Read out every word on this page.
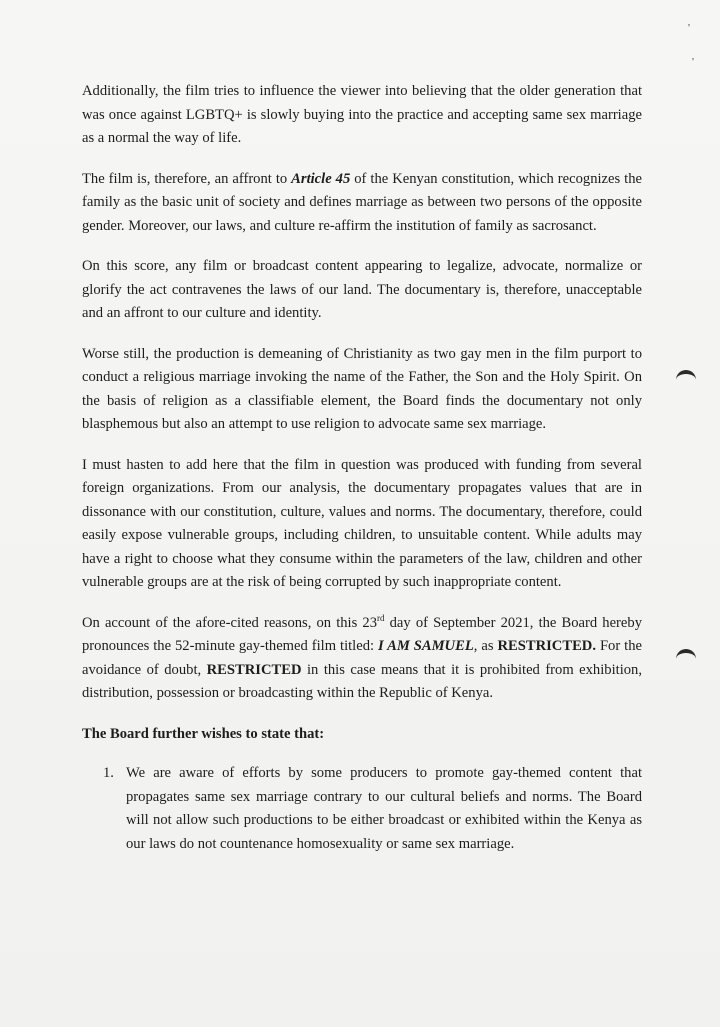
'
'

Additionally, the film tries to influence the viewer into believing that the older generation that was once against LGBTQ+ is slowly buying into the practice and accepting same sex marriage as a normal the way of life.

The film is, therefore, an affront to Article 45 of the Kenyan constitution, which recognizes the family as the basic unit of society and defines marriage as between two persons of the opposite gender. Moreover, our laws, and culture re-affirm the institution of family as sacrosanct.

On this score, any film or broadcast content appearing to legalize, advocate, normalize or glorify the act contravenes the laws of our land. The documentary is, therefore, unacceptable and an affront to our culture and identity.

Worse still, the production is demeaning of Christianity as two gay men in the film purport to conduct a religious marriage invoking the name of the Father, the Son and the Holy Spirit. On the basis of religion as a classifiable element, the Board finds the documentary not only blasphemous but also an attempt to use religion to advocate same sex marriage.

I must hasten to add here that the film in question was produced with funding from several foreign organizations. From our analysis, the documentary propagates values that are in dissonance with our constitution, culture, values and norms. The documentary, therefore, could easily expose vulnerable groups, including children, to unsuitable content. While adults may have a right to choose what they consume within the parameters of the law, children and other vulnerable groups are at the risk of being corrupted by such inappropriate content.

On account of the afore-cited reasons, on this 23rd day of September 2021, the Board hereby pronounces the 52-minute gay-themed film titled: I AM SAMUEL, as RESTRICTED. For the avoidance of doubt, RESTRICTED in this case means that it is prohibited from exhibition, distribution, possession or broadcasting within the Republic of Kenya.

The Board further wishes to state that:

1. We are aware of efforts by some producers to promote gay-themed content that propagates same sex marriage contrary to our cultural beliefs and norms. The Board will not allow such productions to be either broadcast or exhibited within the Kenya as our laws do not countenance homosexuality or same sex marriage.
